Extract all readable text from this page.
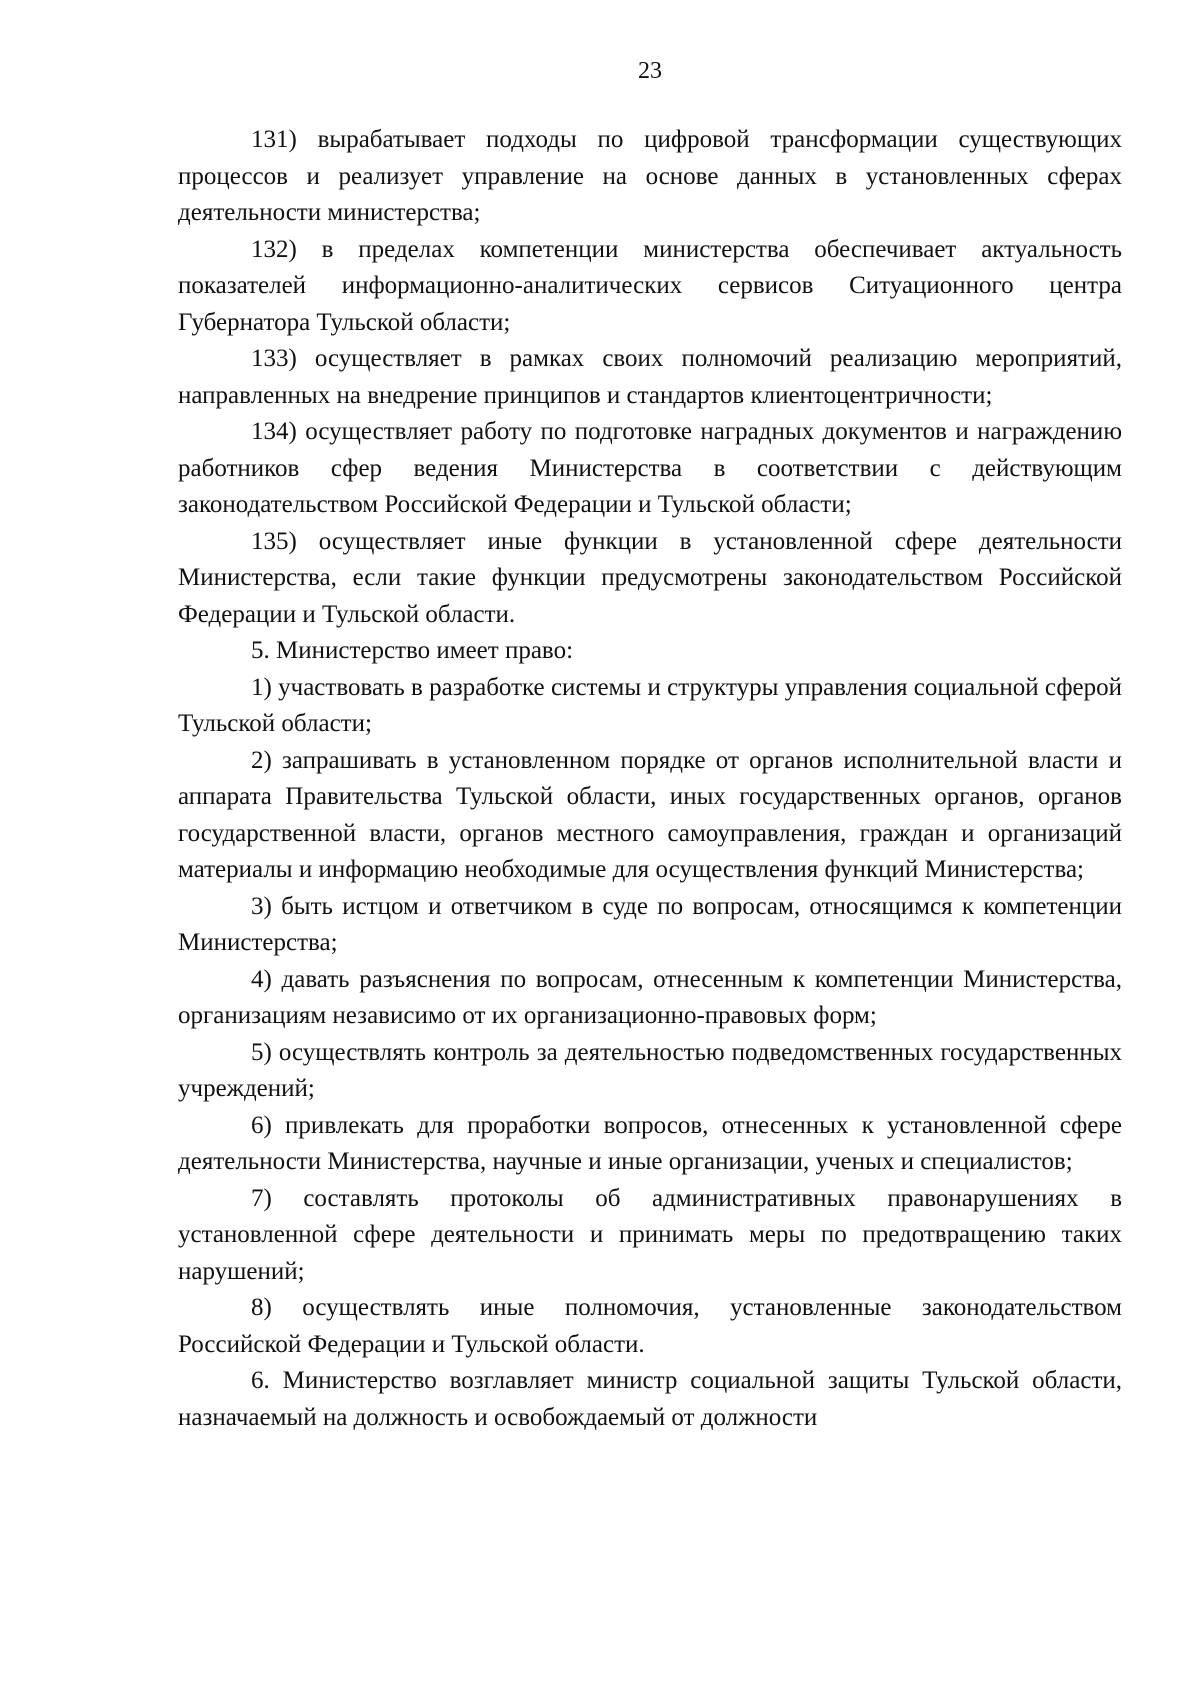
23

131) вырабатывает подходы по цифровой трансформации существующих процессов и реализует управление на основе данных в установленных сферах деятельности министерства;

132) в пределах компетенции министерства обеспечивает актуальность показателей информационно-аналитических сервисов Ситуационного центра Губернатора Тульской области;

133) осуществляет в рамках своих полномочий реализацию мероприятий, направленных на внедрение принципов и стандартов клиентоцентричности;

134) осуществляет работу по подготовке наградных документов и награждению работников сфер ведения Министерства в соответствии с действующим законодательством Российской Федерации и Тульской области;

135) осуществляет иные функции в установленной сфере деятельности Министерства, если такие функции предусмотрены законодательством Российской Федерации и Тульской области.

5. Министерство имеет право:

1) участвовать в разработке системы и структуры управления социальной сферой Тульской области;

2) запрашивать в установленном порядке от органов исполнительной власти и аппарата Правительства Тульской области, иных государственных органов, органов государственной власти, органов местного самоуправления, граждан и организаций материалы и информацию необходимые для осуществления функций Министерства;

3) быть истцом и ответчиком в суде по вопросам, относящимся к компетенции Министерства;

4) давать разъяснения по вопросам, отнесенным к компетенции Министерства, организациям независимо от их организационно-правовых форм;

5) осуществлять контроль за деятельностью подведомственных государственных учреждений;

6) привлекать для проработки вопросов, отнесенных к установленной сфере деятельности Министерства, научные и иные организации, ученых и специалистов;

7) составлять протоколы об административных правонарушениях в установленной сфере деятельности и принимать меры по предотвращению таких нарушений;

8) осуществлять иные полномочия, установленные законодательством Российской Федерации и Тульской области.

6. Министерство возглавляет министр социальной защиты Тульской области, назначаемый на должность и освобождаемый от должности
